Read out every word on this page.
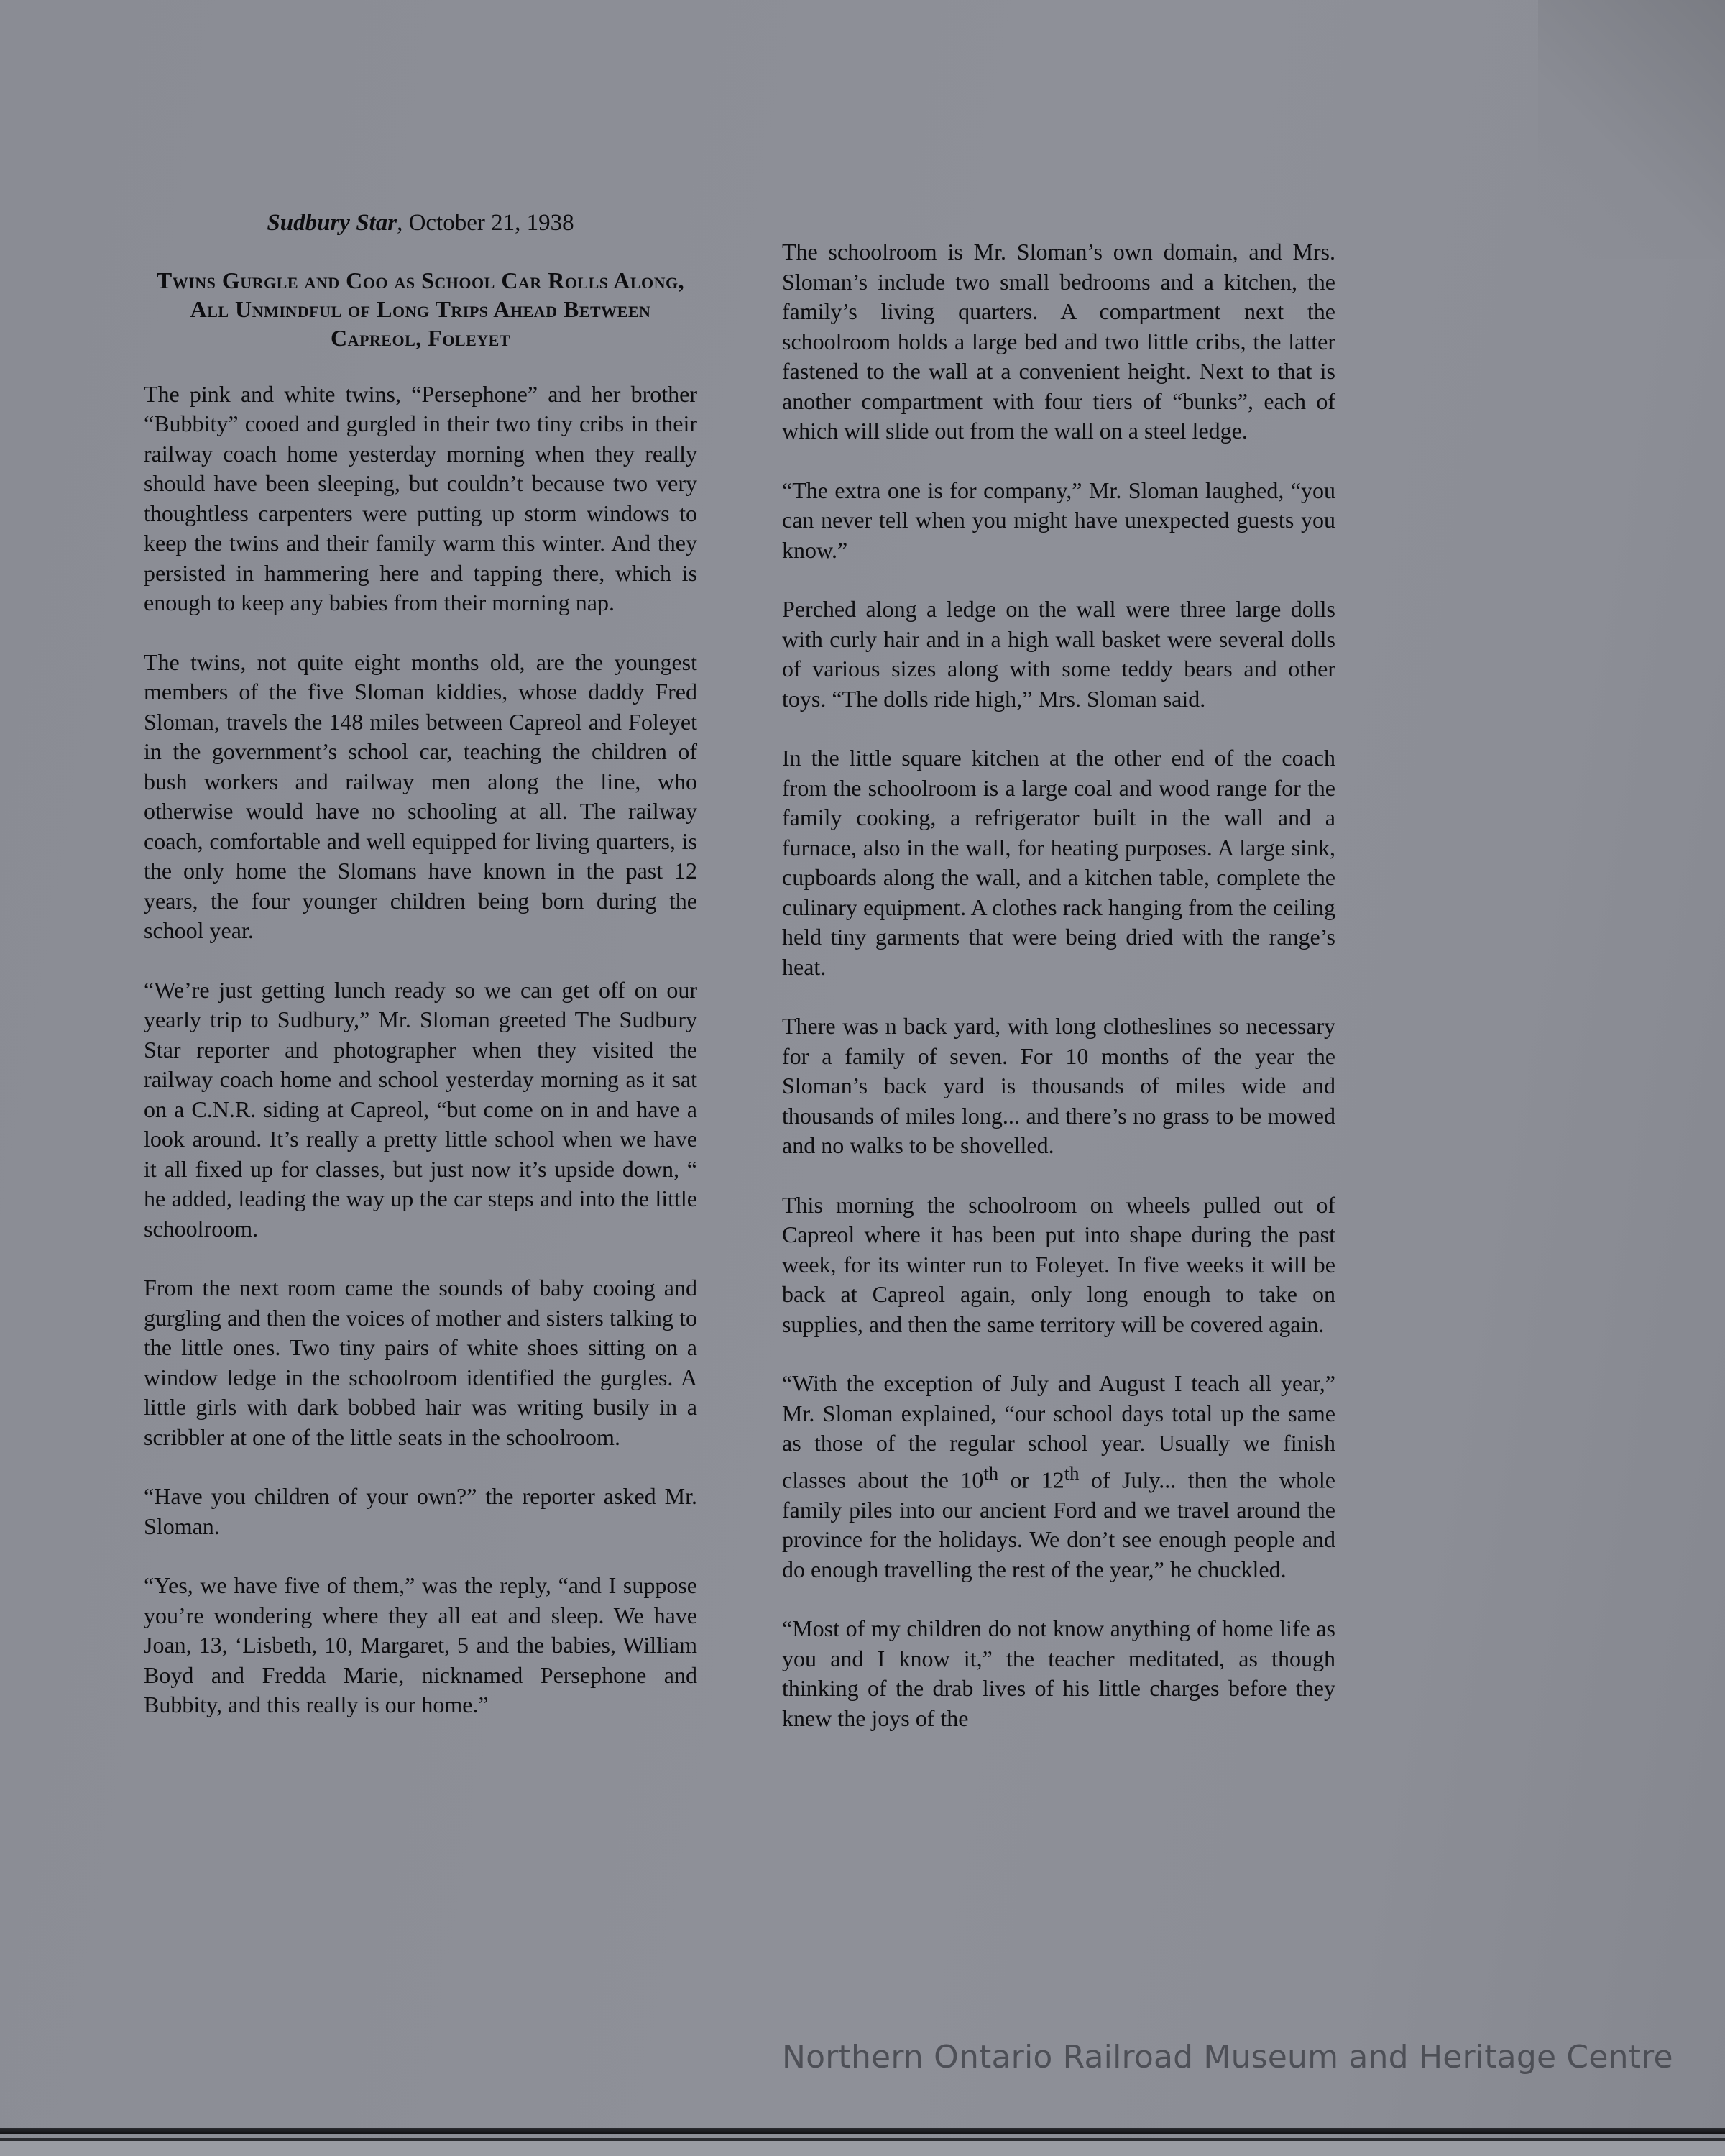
Sudbury Star, October 21, 1938
Twins Gurgle and Coo as School Car Rolls Along, All Unmindful of Long Trips Ahead Between Capreol, Foleyet

The pink and white twins, “Persephone” and her brother “Bubbity” cooed and gurgled in their two tiny cribs in their railway coach home yesterday morning when they really should have been sleeping, but couldn’t because two very thoughtless carpenters were putting up storm windows to keep the twins and their family warm this winter. And they persisted in hammering here and tapping there, which is enough to keep any babies from their morning nap.

The twins, not quite eight months old, are the youngest members of the five Sloman kiddies, whose daddy Fred Sloman, travels the 148 miles between Capreol and Foleyet in the government’s school car, teaching the children of bush workers and railway men along the line, who otherwise would have no schooling at all. The railway coach, comfortable and well equipped for living quarters, is the only home the Slomans have known in the past 12 years, the four younger children being born during the school year.

“We’re just getting lunch ready so we can get off on our yearly trip to Sudbury,” Mr. Sloman greeted The Sudbury Star reporter and photographer when they visited the railway coach home and school yesterday morning as it sat on a C.N.R. siding at Capreol, “but come on in and have a look around. It’s really a pretty little school when we have it all fixed up for classes, but just now it’s upside down, “ he added, leading the way up the car steps and into the little schoolroom.

From the next room came the sounds of baby cooing and gurgling and then the voices of mother and sisters talking to the little ones. Two tiny pairs of white shoes sitting on a window ledge in the schoolroom identified the gurgles. A little girls with dark bobbed hair was writing busily in a scribbler at one of the little seats in the schoolroom.

“Have you children of your own?” the reporter asked Mr. Sloman.

“Yes, we have five of them,” was the reply, “and I suppose you’re wondering where they all eat and sleep. We have Joan, 13, ‘Lisbeth, 10, Margaret, 5 and the babies, William Boyd and Fredda Marie, nicknamed Persephone and Bubbity, and this really is our home.”

The schoolroom is Mr. Sloman’s own domain, and Mrs. Sloman’s include two small bedrooms and a kitchen, the family’s living quarters. A compartment next the schoolroom holds a large bed and two little cribs, the latter fastened to the wall at a convenient height. Next to that is another compartment with four tiers of “bunks”, each of which will slide out from the wall on a steel ledge.

“The extra one is for company,” Mr. Sloman laughed, “you can never tell when you might have unexpected guests you know.”

Perched along a ledge on the wall were three large dolls with curly hair and in a high wall basket were several dolls of various sizes along with some teddy bears and other toys. “The dolls ride high,” Mrs. Sloman said.

In the little square kitchen at the other end of the coach from the schoolroom is a large coal and wood range for the family cooking, a refrigerator built in the wall and a furnace, also in the wall, for heating purposes. A large sink, cupboards along the wall, and a kitchen table, complete the culinary equipment. A clothes rack hanging from the ceiling held tiny garments that were being dried with the range’s heat.

There was n back yard, with long clotheslines so necessary for a family of seven. For 10 months of the year the Sloman’s back yard is thousands of miles wide and thousands of miles long... and there’s no grass to be mowed and no walks to be shovelled.

This morning the schoolroom on wheels pulled out of Capreol where it has been put into shape during the past week, for its winter run to Foleyet. In five weeks it will be back at Capreol again, only long enough to take on supplies, and then the same territory will be covered again.

“With the exception of July and August I teach all year,” Mr. Sloman explained, “our school days total up the same as those of the regular school year. Usually we finish classes about the 10th or 12th of July... then the whole family piles into our ancient Ford and we travel around the province for the holidays. We don’t see enough people and do enough travelling the rest of the year,” he chuckled.

“Most of my children do not know anything of home life as you and I know it,” the teacher meditated, as though thinking of the drab lives of his little charges before they knew the joys of the

Northern Ontario Railroad Museum and Heritage Centre
